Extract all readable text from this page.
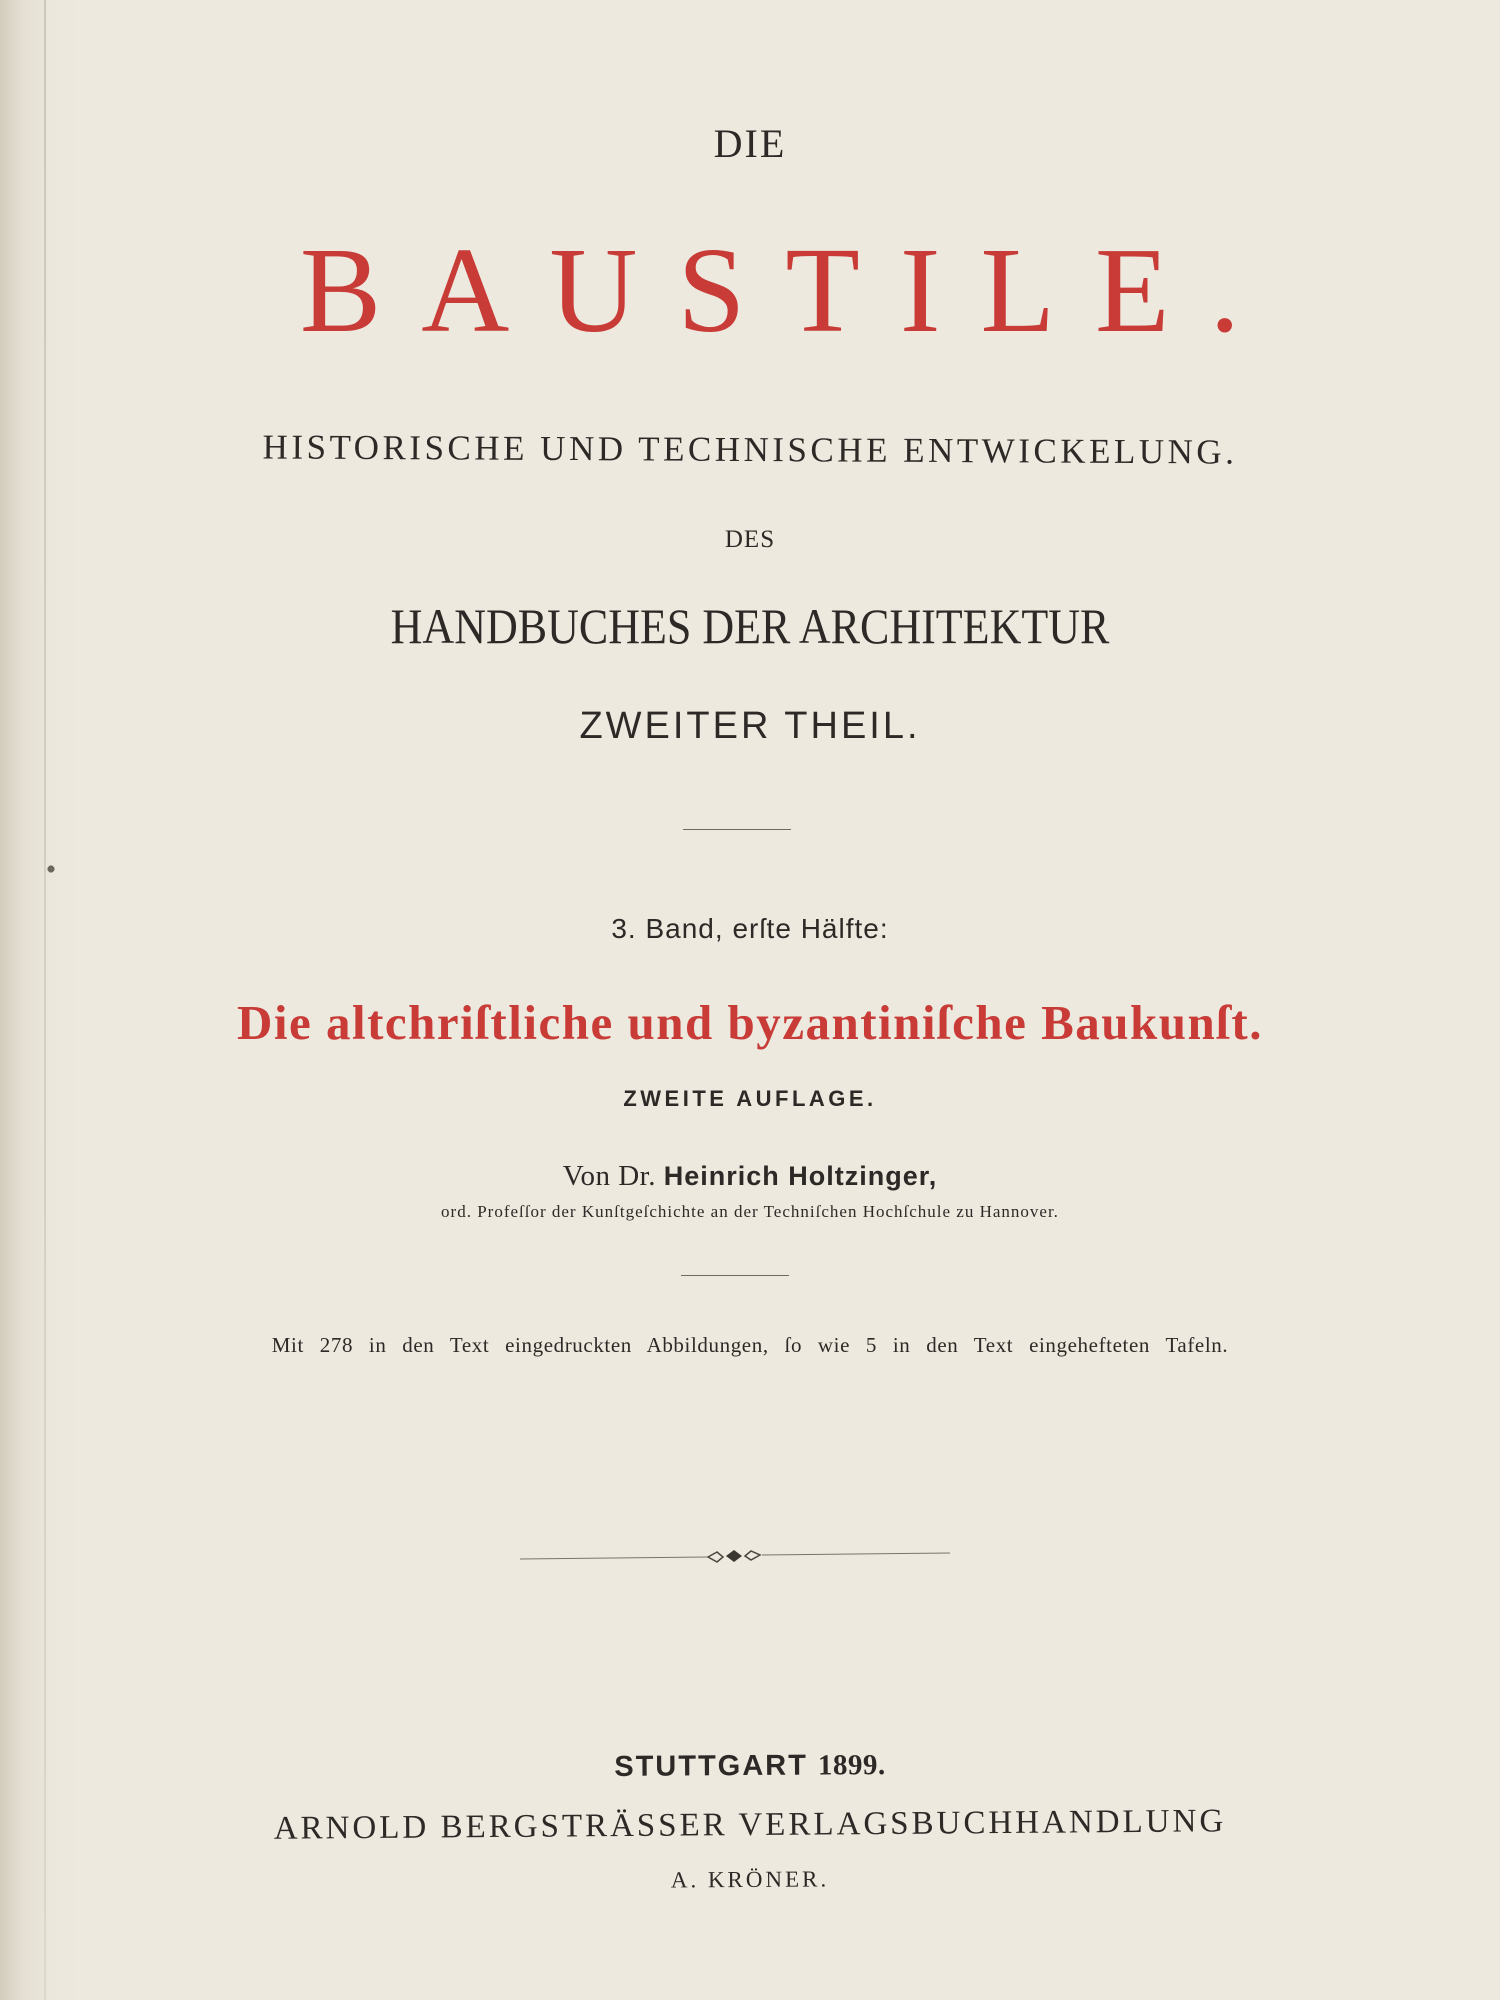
DIE
BAUSTILE.
HISTORISCHE UND TECHNISCHE ENTWICKELUNG.
DES
HANDBUCHES DER ARCHITEKTUR
ZWEITER THEIL.
3. Band, erſte Hälfte:
Die altchriſtliche und byzantiniſche Baukunſt.
ZWEITE AUFLAGE.
Von Dr. Heinrich Holtzinger,
ord. Profeſſor der Kunſtgeſchichte an der Techniſchen Hochſchule zu Hannover.
Mit 278 in den Text eingedruckten Abbildungen, ſo wie 5 in den Text eingehefteten Tafeln.
STUTTGART 1899.
ARNOLD BERGSTRÄSSER VERLAGSBUCHHANDLUNG
A. KRÖNER.
